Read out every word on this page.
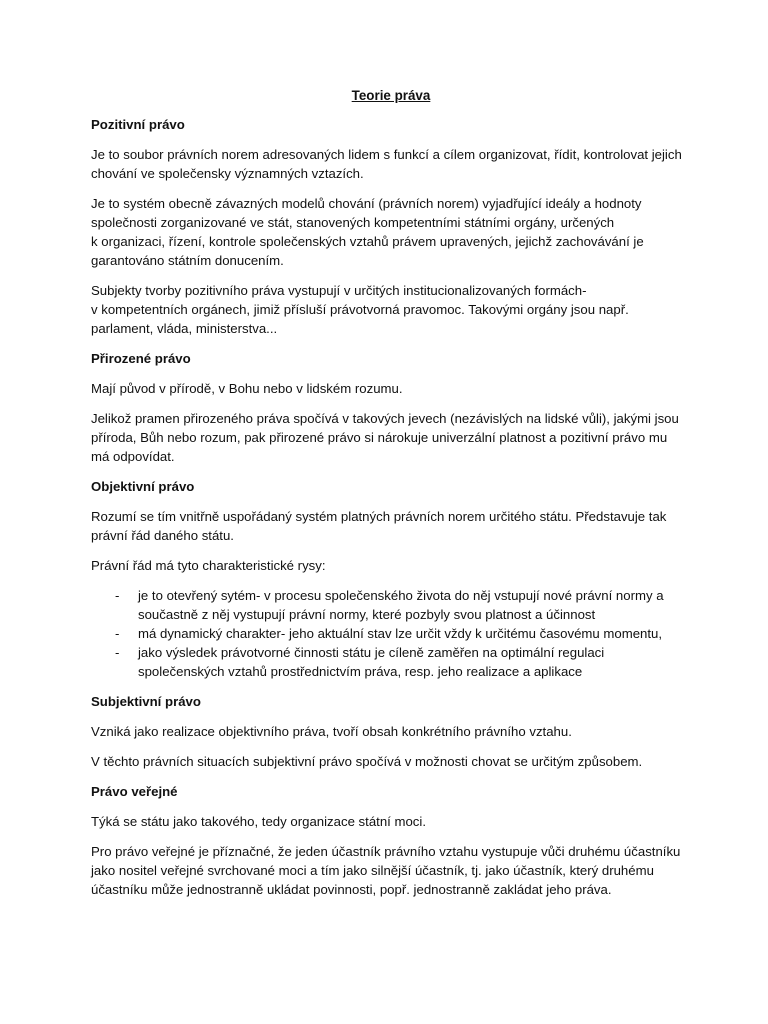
Teorie práva
Pozitivní právo

Je to soubor právních norem adresovaných lidem s funkcí a cílem organizovat, řídit, kontrolovat jejich
chování ve společensky významných vztazích.

Je to systém obecně závazných modelů chování (právních norem) vyjadřující ideály a hodnoty
společnosti zorganizované ve stát, stanovených kompetentními státními orgány, určených
k organizaci, řízení, kontrole společenských vztahů právem upravených, jejichž zachovávání je
garantováno státním donucením.

Subjekty tvorby pozitivního práva vystupují v určitých institucionalizovaných formách-
v kompetentních orgánech, jimiž přísluší právotvorná pravomoc. Takovými orgány jsou např.
parlament, vláda, ministerstva...

Přirozené právo

Mají původ v přírodě, v Bohu nebo v lidském rozumu.

Jelikož pramen přirozeného práva spočívá v takových jevech (nezávislých na lidské vůli), jakými jsou
příroda, Bůh nebo rozum, pak přirozené právo si nárokuje univerzální platnost a pozitivní právo mu
má odpovídat.

Objektivní právo

Rozumí se tím vnitřně uspořádaný systém platných právních norem určitého státu. Představuje tak
právní řád daného státu.

Právní řád má tyto charakteristické rysy:

- je to otevřený sytém- v procesu společenského života do něj vstupují nové právní normy a
součastně z něj vystupují právní normy, které pozbyly svou platnost a účinnost
- má dynamický charakter- jeho aktuální stav lze určit vždy k určitému časovému momentu,
- jako výsledek právotvorné činnosti státu je cíleně zaměřen na optimální regulaci
společenských vztahů prostřednictvím práva, resp. jeho realizace a aplikace
Subjektivní právo

Vzniká jako realizace objektivního práva, tvoří obsah konkrétního právního vztahu.

V těchto právních situacích subjektivní právo spočívá v možnosti chovat se určitým způsobem.

Právo veřejné

Týká se státu jako takového, tedy organizace státní moci.

Pro právo veřejné je příznačné, že jeden účastník právního vztahu vystupuje vůči druhému účastníku
jako nositel veřejné svrchované moci a tím jako silnější účastník, tj. jako účastník, který druhému
účastníku může jednostranně ukládat povinnosti, popř. jednostranně zakládat jeho práva.
